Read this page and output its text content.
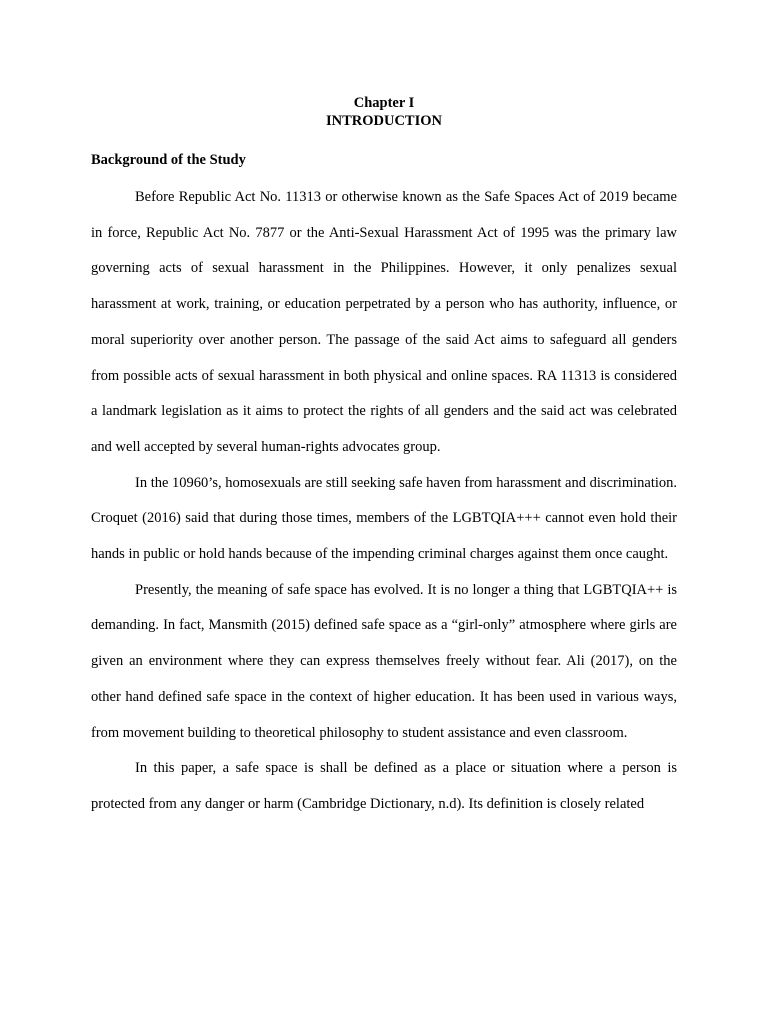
Chapter I
INTRODUCTION
Background of the Study

Before Republic Act No. 11313 or otherwise known as the Safe Spaces Act of 2019 became in force, Republic Act No. 7877 or the Anti-Sexual Harassment Act of 1995 was the primary law governing acts of sexual harassment in the Philippines. However, it only penalizes sexual harassment at work, training, or education perpetrated by a person who has authority, influence, or moral superiority over another person. The passage of the said Act aims to safeguard all genders from possible acts of sexual harassment in both physical and online spaces. RA 11313 is considered a landmark legislation as it aims to protect the rights of all genders and the said act was celebrated and well accepted by several human-rights advocates group.

In the 10960’s, homosexuals are still seeking safe haven from harassment and discrimination. Croquet (2016) said that during those times, members of the LGBTQIA+++ cannot even hold their hands in public or hold hands because of the impending criminal charges against them once caught.

Presently, the meaning of safe space has evolved. It is no longer a thing that LGBTQIA++ is demanding. In fact, Mansmith (2015) defined safe space as a “girl-only” atmosphere where girls are given an environment where they can express themselves freely without fear. Ali (2017), on the other hand defined safe space in the context of higher education. It has been used in various ways, from movement building to theoretical philosophy to student assistance and even classroom.

In this paper, a safe space is shall be defined as a place or situation where a person is protected from any danger or harm (Cambridge Dictionary, n.d). Its definition is closely related
